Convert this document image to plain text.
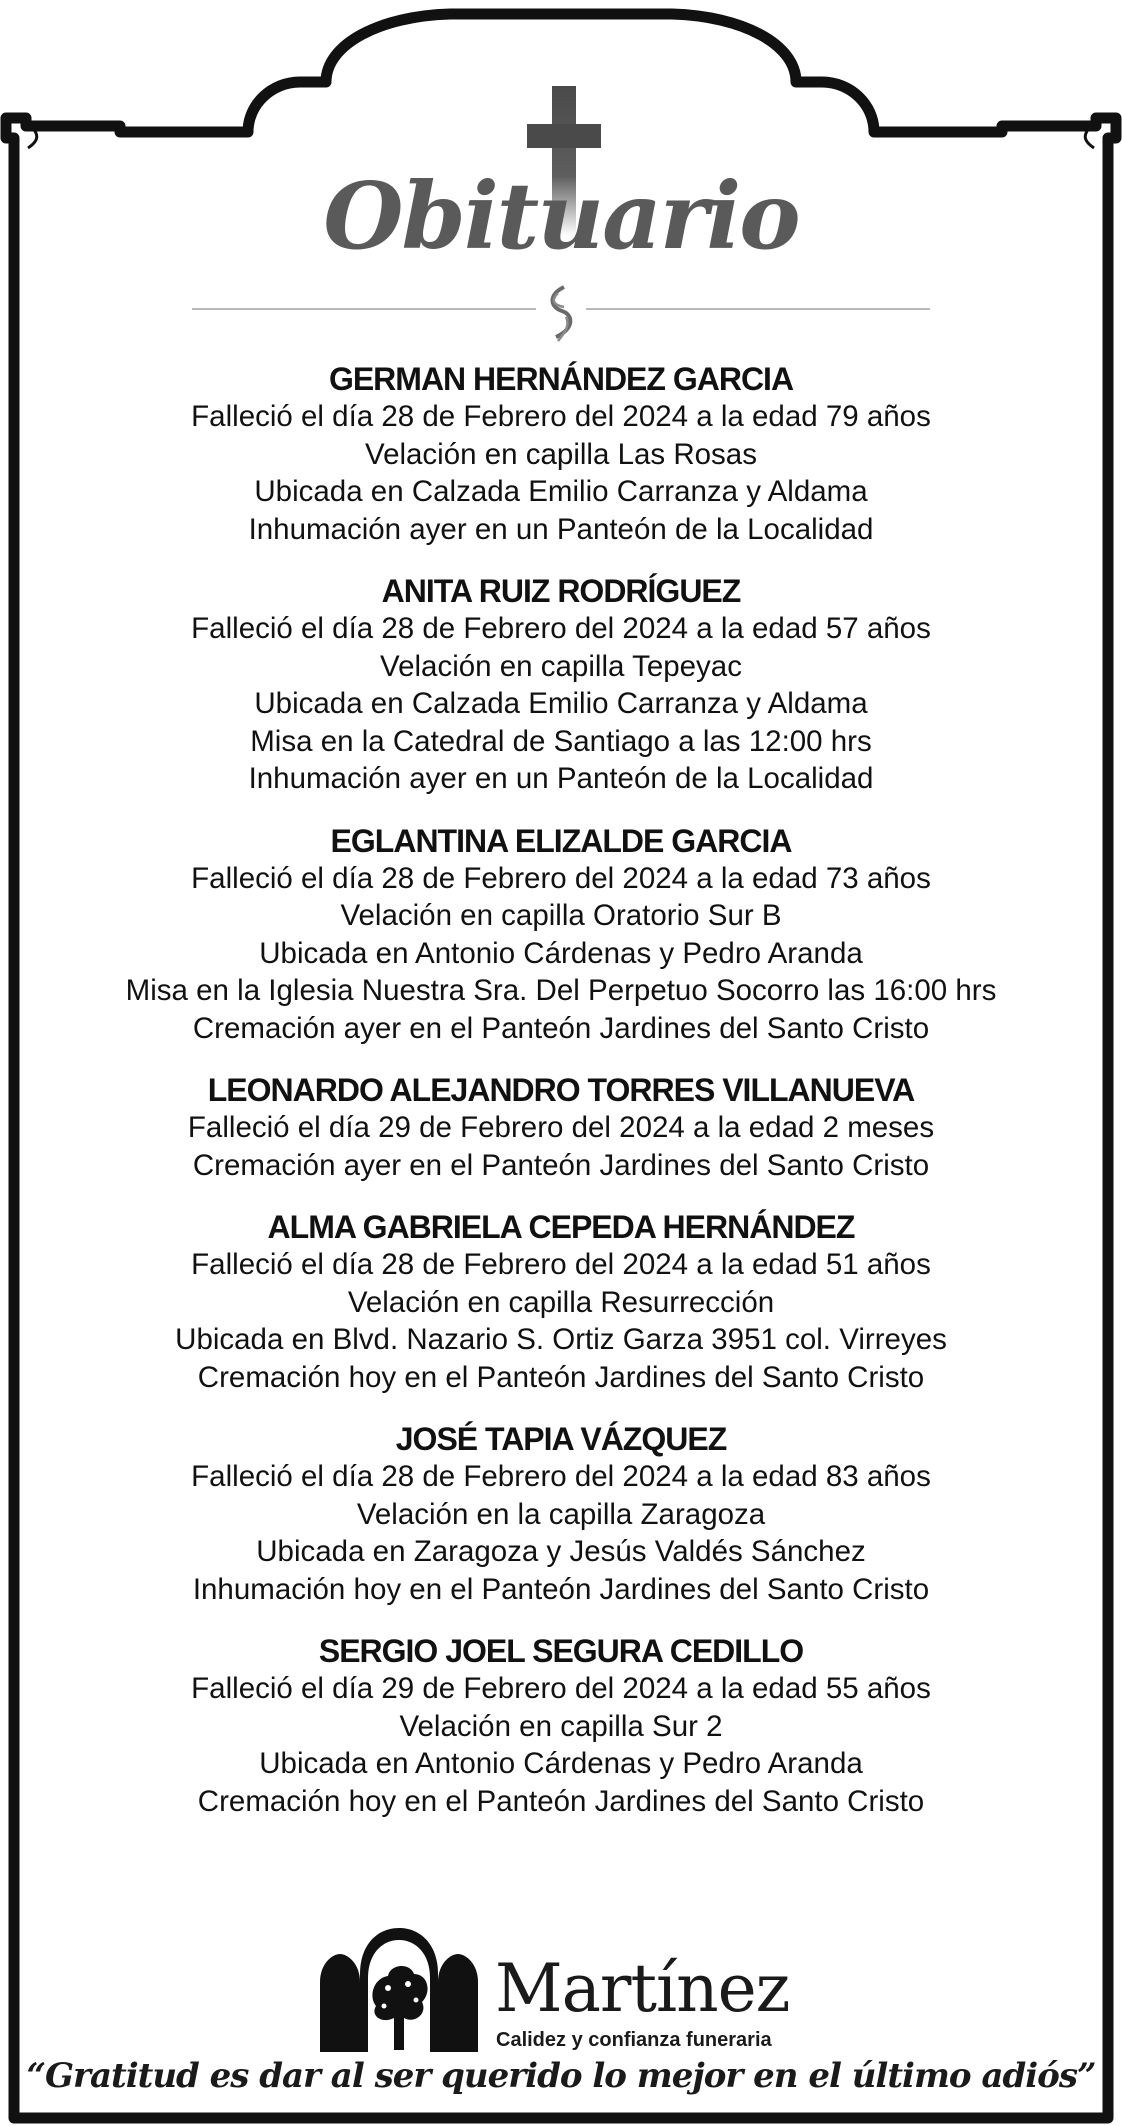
Obituario
GERMAN HERNÁNDEZ GARCIA
Falleció el día 28 de Febrero del 2024 a la edad 79 años
Velación en capilla Las Rosas
Ubicada en Calzada Emilio Carranza y Aldama
Inhumación ayer en un Panteón de la Localidad
ANITA RUIZ RODRÍGUEZ
Falleció el día 28 de Febrero del 2024 a la edad 57 años
Velación en capilla Tepeyac
Ubicada en Calzada Emilio Carranza y Aldama
Misa en la Catedral de Santiago a las 12:00 hrs
Inhumación ayer en un Panteón de la Localidad
EGLANTINA ELIZALDE GARCIA
Falleció el día 28 de Febrero del 2024 a la edad 73 años
Velación en capilla Oratorio Sur B
Ubicada en Antonio Cárdenas y Pedro Aranda
Misa en la Iglesia Nuestra Sra. Del Perpetuo Socorro las 16:00 hrs
Cremación ayer en el Panteón Jardines del Santo Cristo
LEONARDO ALEJANDRO TORRES VILLANUEVA
Falleció el día 29 de Febrero del 2024 a la edad 2 meses
Cremación ayer en el Panteón Jardines del Santo Cristo
ALMA GABRIELA CEPEDA HERNÁNDEZ
Falleció el día 28 de Febrero del 2024 a la edad 51 años
Velación en capilla Resurrección
Ubicada en Blvd. Nazario S. Ortiz Garza 3951 col. Virreyes
Cremación hoy en el Panteón Jardines del Santo Cristo
JOSÉ TAPIA VÁZQUEZ
Falleció el día 28 de Febrero del 2024 a la edad 83 años
Velación en la capilla Zaragoza
Ubicada en Zaragoza y Jesús Valdés Sánchez
Inhumación hoy en el Panteón Jardines del Santo Cristo
SERGIO JOEL SEGURA CEDILLO
Falleció el día 29 de Febrero del 2024 a la edad 55 años
Velación en capilla Sur 2
Ubicada en Antonio Cárdenas y Pedro Aranda
Cremación hoy en el Panteón Jardines del Santo Cristo
Martínez
Calidez y confianza funeraria
“Gratitud es dar al ser querido lo mejor en el último adiós”
